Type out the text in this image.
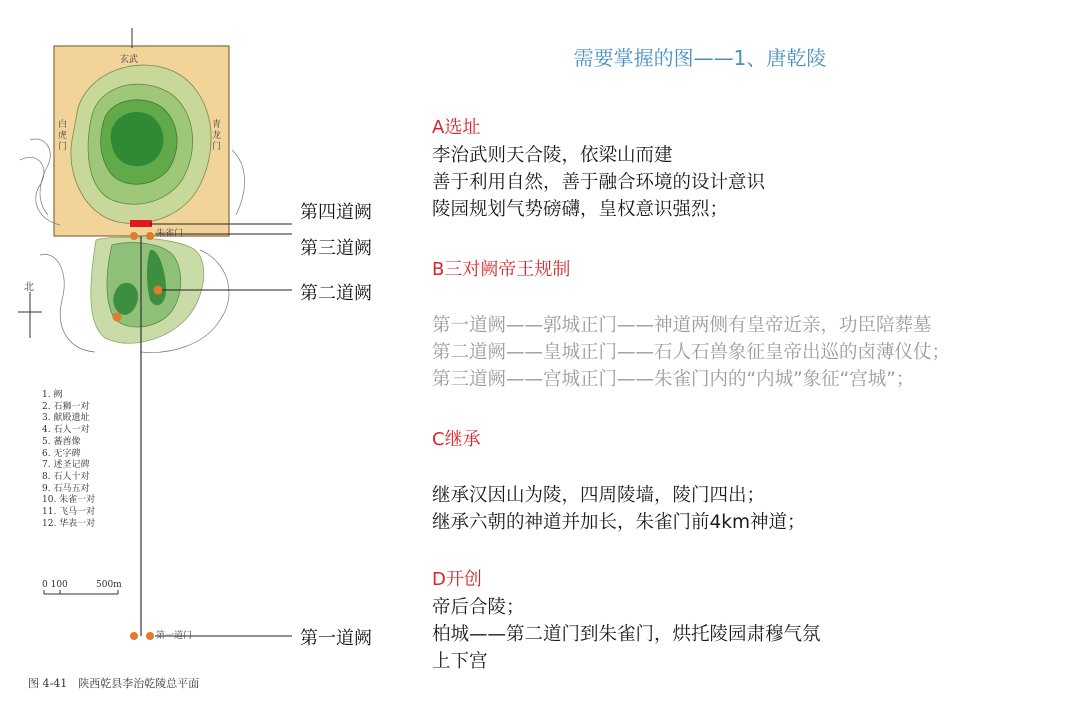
北
玄武
白虎门
青龙门
朱雀门
第一道门
1. 阙
2. 石狮一对
3. 献殿遗址
4. 石人一对
5. 蕃酋像
6. 无字碑
7. 述圣记碑
8. 石人十对
9. 石马五对
10. 朱雀一对
11. 飞马一对
12. 华表一对
0 100	500m
图 4-41　陕西乾县李治乾陵总平面
第四道阙
第三道阙
第二道阙
第一道阙
需要掌握的图——1、唐乾陵
A选址
李治武则天合陵，依梁山而建
善于利用自然，善于融合环境的设计意识
陵园规划气势磅礴，皇权意识强烈；
B三对阙帝王规制
第一道阙——郭城正门——神道两侧有皇帝近亲，功臣陪葬墓
第二道阙——皇城正门——石人石兽象征皇帝出巡的卤薄仪仗；
第三道阙——宫城正门——朱雀门内的“内城”象征“宫城”；
C继承
继承汉因山为陵，四周陵墙，陵门四出；
继承六朝的神道并加长，朱雀门前4km神道；
D开创
帝后合陵；
柏城——第二道门到朱雀门，烘托陵园肃穆气氛
上下宫
